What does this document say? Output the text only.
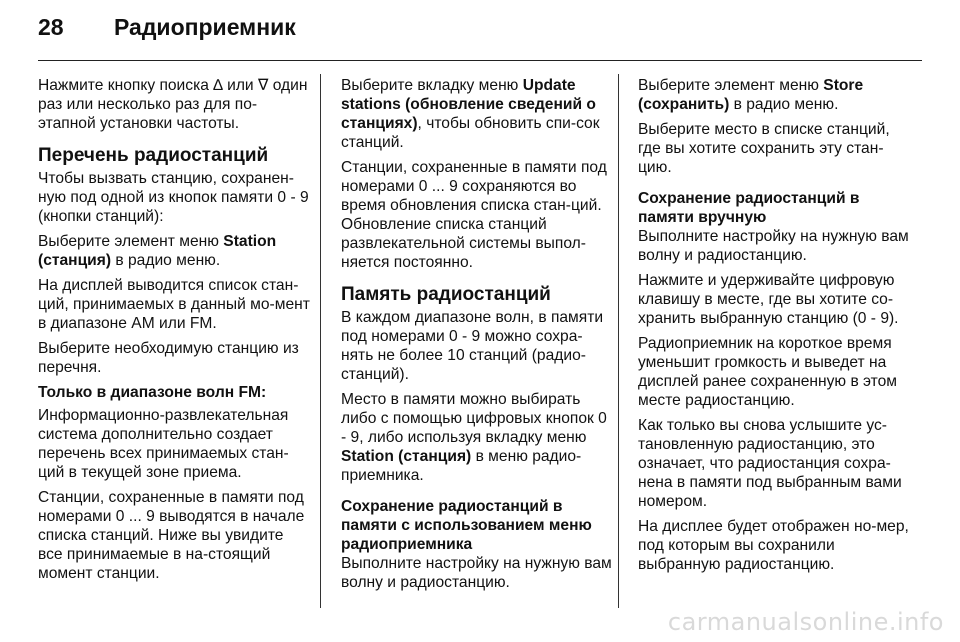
28	Радиоприемник

Нажмите кнопку поиска ∆ или ∇ один раз или несколько раз для по-этапной установки частоты.

Перечень радиостанций

Чтобы вызвать станцию, сохранен-ную под одной из кнопок памяти 0 - 9 (кнопки станций):

Выберите элемент меню Station (станция) в радио меню.

На дисплей выводится список стан-ций, принимаемых в данный мо-мент в диапазоне AM или FM.

Выберите необходимую станцию из перечня.

Только в диапазоне волн FM:

Информационно-развлекательная система дополнительно создает перечень всех принимаемых стан-ций в текущей зоне приема.

Станции, сохраненные в памяти под номерами 0 ... 9 выводятся в начале списка станций. Ниже вы увидите все принимаемые в на-стоящий момент станции.

Выберите вкладку меню Update stations (обновление сведений о станциях), чтобы обновить спи-сок станций.

Станции, сохраненные в памяти под номерами 0 ... 9 сохраняются во время обновления списка стан-ций. Обновление списка станций развлекательной системы выпол-няется постоянно.

Память радиостанций

В каждом диапазоне волн, в памяти под номерами 0 - 9 можно сохра-нять не более 10 станций (радио-станций).

Место в памяти можно выбирать либо с помощью цифровых кнопок 0 - 9, либо используя вкладку меню Station (станция) в меню радио-приемника.

Сохранение радиостанций в памяти с использованием меню радиоприемника

Выполните настройку на нужную вам волну и радиостанцию.

Выберите элемент меню Store (сохранить) в радио меню.

Выберите место в списке станций, где вы хотите сохранить эту стан-цию.

Сохранение радиостанций в памяти вручную

Выполните настройку на нужную вам волну и радиостанцию.

Нажмите и удерживайте цифровую клавишу в месте, где вы хотите со-хранить выбранную станцию (0 - 9).

Радиоприемник на короткое время уменьшит громкость и выведет на дисплей ранее сохраненную в этом месте радиостанцию.

Как только вы снова услышите ус-тановленную радиостанцию, это означает, что радиостанция сохра-нена в памяти под выбранным вами номером.

На дисплее будет отображен но-мер, под которым вы сохранили выбранную радиостанцию.

carmanualsonline.info
